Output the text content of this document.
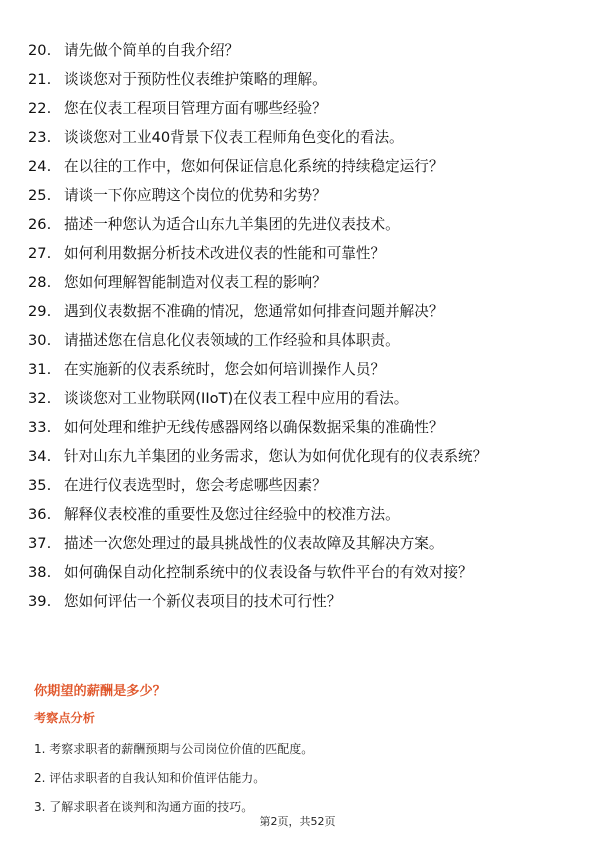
20. 请先做个简单的自我介绍？
21. 谈谈您对于预防性仪表维护策略的理解。
22. 您在仪表工程项目管理方面有哪些经验？
23. 谈谈您对工业40背景下仪表工程师角色变化的看法。
24. 在以往的工作中，您如何保证信息化系统的持续稳定运行？
25. 请谈一下你应聘这个岗位的优势和劣势？
26. 描述一种您认为适合山东九羊集团的先进仪表技术。
27. 如何利用数据分析技术改进仪表的性能和可靠性？
28. 您如何理解智能制造对仪表工程的影响？
29. 遇到仪表数据不准确的情况，您通常如何排查问题并解决？
30. 请描述您在信息化仪表领域的工作经验和具体职责。
31. 在实施新的仪表系统时，您会如何培训操作人员？
32. 谈谈您对工业物联网(IIoT)在仪表工程中应用的看法。
33. 如何处理和维护无线传感器网络以确保数据采集的准确性？
34. 针对山东九羊集团的业务需求，您认为如何优化现有的仪表系统？
35. 在进行仪表选型时，您会考虑哪些因素？
36. 解释仪表校准的重要性及您过往经验中的校准方法。
37. 描述一次您处理过的最具挑战性的仪表故障及其解决方案。
38. 如何确保自动化控制系统中的仪表设备与软件平台的有效对接？
39. 您如何评估一个新仪表项目的技术可行性？
你期望的薪酬是多少？
考察点分析
1. 考察求职者的薪酬预期与公司岗位价值的匹配度。
2. 评估求职者的自我认知和价值评估能力。
3. 了解求职者在谈判和沟通方面的技巧。
第2页，共52页
